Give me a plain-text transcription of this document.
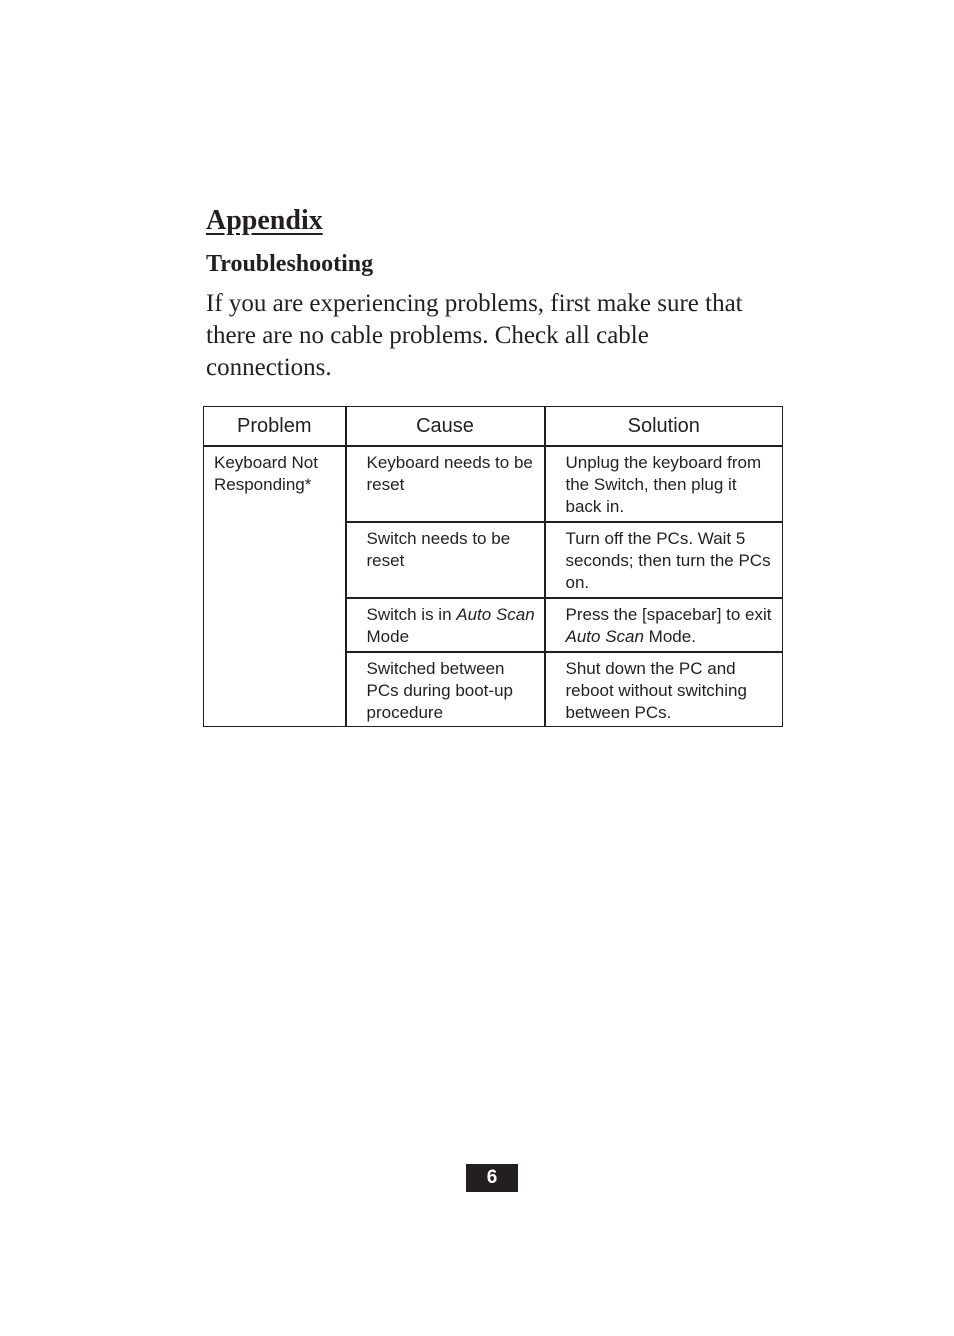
Appendix
Troubleshooting

If you are experiencing problems, first make sure that there are no cable problems. Check all cable connections.

Problem	Cause	Solution
Keyboard Not Responding*	Keyboard needs to be reset	Unplug the keyboard from the Switch, then plug it back in.
	Switch needs to be reset	Turn off the PCs. Wait 5 seconds; then turn the PCs on.
	Switch is in Auto Scan Mode	Press the [spacebar] to exit Auto Scan Mode.
	Switched between PCs during boot-up procedure	Shut down the PC and reboot without switching between PCs.
6
